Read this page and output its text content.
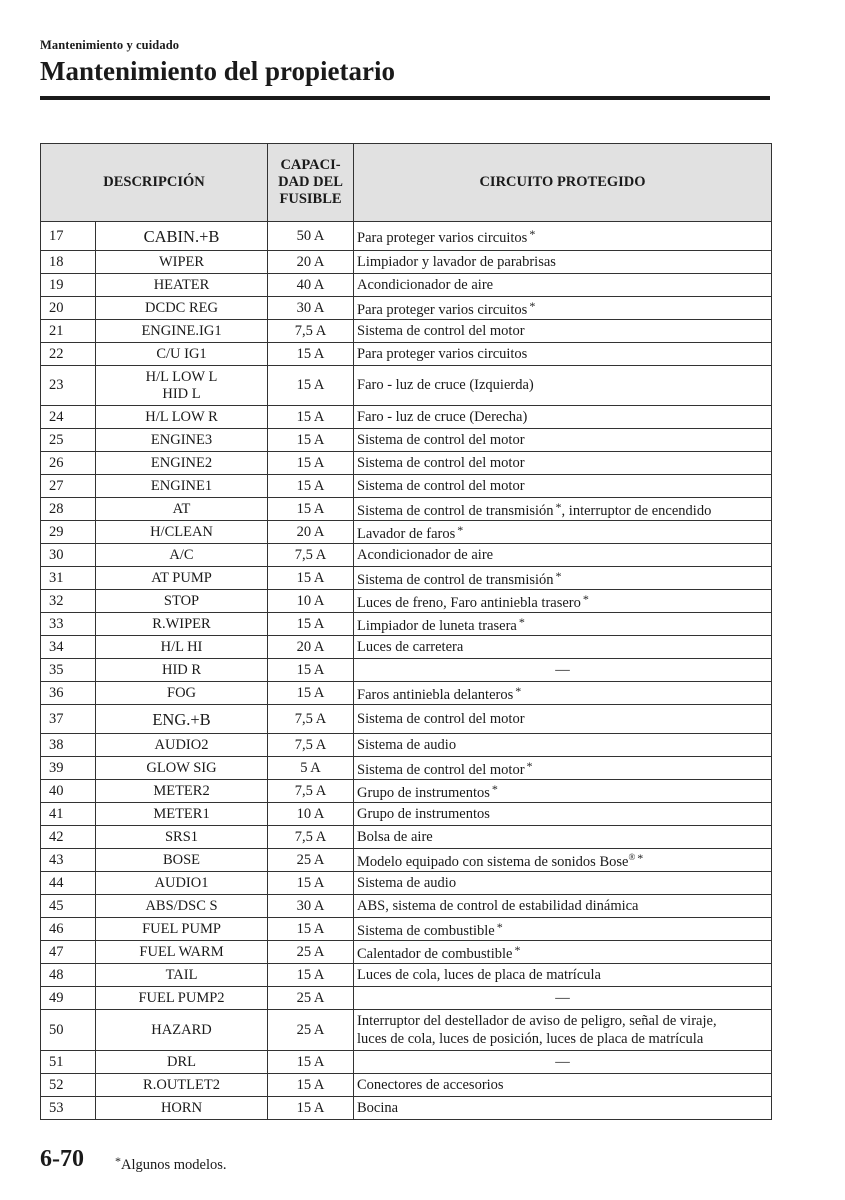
Mantenimiento y cuidado
Mantenimiento del propietario
DESCRIPCIÓN		CAPACI-
DAD DEL
FUSIBLE	CIRCUITO PROTEGIDO
17	CABIN.+B	50 A	Para proteger varios circuitos *
18	WIPER	20 A	Limpiador y lavador de parabrisas
19	HEATER	40 A	Acondicionador de aire
20	DCDC REG	30 A	Para proteger varios circuitos *
21	ENGINE.IG1	7,5 A	Sistema de control del motor
22	C/U IG1	15 A	Para proteger varios circuitos
23	H/L LOW L
HID L	15 A	Faro - luz de cruce (Izquierda)
24	H/L LOW R	15 A	Faro - luz de cruce (Derecha)
25	ENGINE3	15 A	Sistema de control del motor
26	ENGINE2	15 A	Sistema de control del motor
27	ENGINE1	15 A	Sistema de control del motor
28	AT	15 A	Sistema de control de transmisión *, interruptor de encendido
29	H/CLEAN	20 A	Lavador de faros *
30	A/C	7,5 A	Acondicionador de aire
31	AT PUMP	15 A	Sistema de control de transmisión *
32	STOP	10 A	Luces de freno, Faro antiniebla trasero *
33	R.WIPER	15 A	Limpiador de luneta trasera *
34	H/L HI	20 A	Luces de carretera
35	HID R	15 A	—
36	FOG	15 A	Faros antiniebla delanteros *
37	ENG.+B	7,5 A	Sistema de control del motor
38	AUDIO2	7,5 A	Sistema de audio
39	GLOW SIG	5 A	Sistema de control del motor *
40	METER2	7,5 A	Grupo de instrumentos *
41	METER1	10 A	Grupo de instrumentos
42	SRS1	7,5 A	Bolsa de aire
43	BOSE	25 A	Modelo equipado con sistema de sonidos Bose® *
44	AUDIO1	15 A	Sistema de audio
45	ABS/DSC S	30 A	ABS, sistema de control de estabilidad dinámica
46	FUEL PUMP	15 A	Sistema de combustible *
47	FUEL WARM	25 A	Calentador de combustible *
48	TAIL	15 A	Luces de cola, luces de placa de matrícula
49	FUEL PUMP2	25 A	—
50	HAZARD	25 A	Interruptor del destellador de aviso de peligro, señal de viraje,
luces de cola, luces de posición, luces de placa de matrícula
51	DRL	15 A	—
52	R.OUTLET2	15 A	Conectores de accesorios
53	HORN	15 A	Bocina
6-70	*Algunos modelos.
